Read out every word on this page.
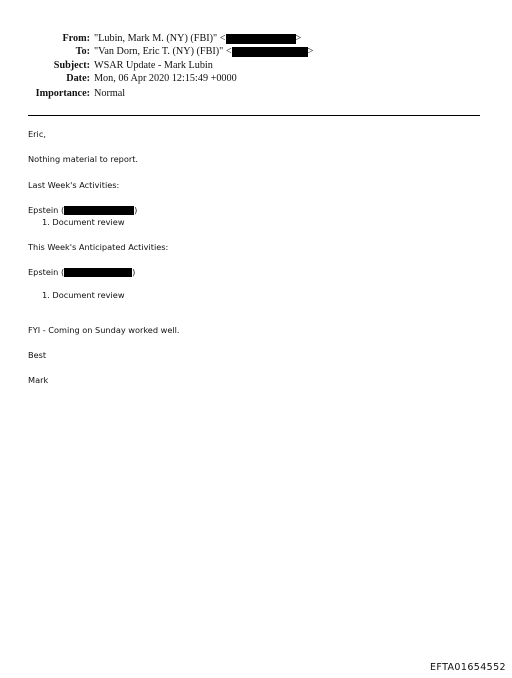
From: "Lubin, Mark M. (NY) (FBI)" <	>
To: "Van Dorn, Eric T. (NY) (FBI)" <	>
Subject: WSAR Update - Mark Lubin
Date: Mon, 06 Apr 2020 12:15:49 +0000
Importance: Normal
Eric,
Nothing material to report.
Last Week's Activities:
Epstein (	)
1. Document review
This Week's Anticipated Activities:
Epstein (	)
1. Document review
FYI - Coming on Sunday worked well.
Best
Mark
EFTA01654552
